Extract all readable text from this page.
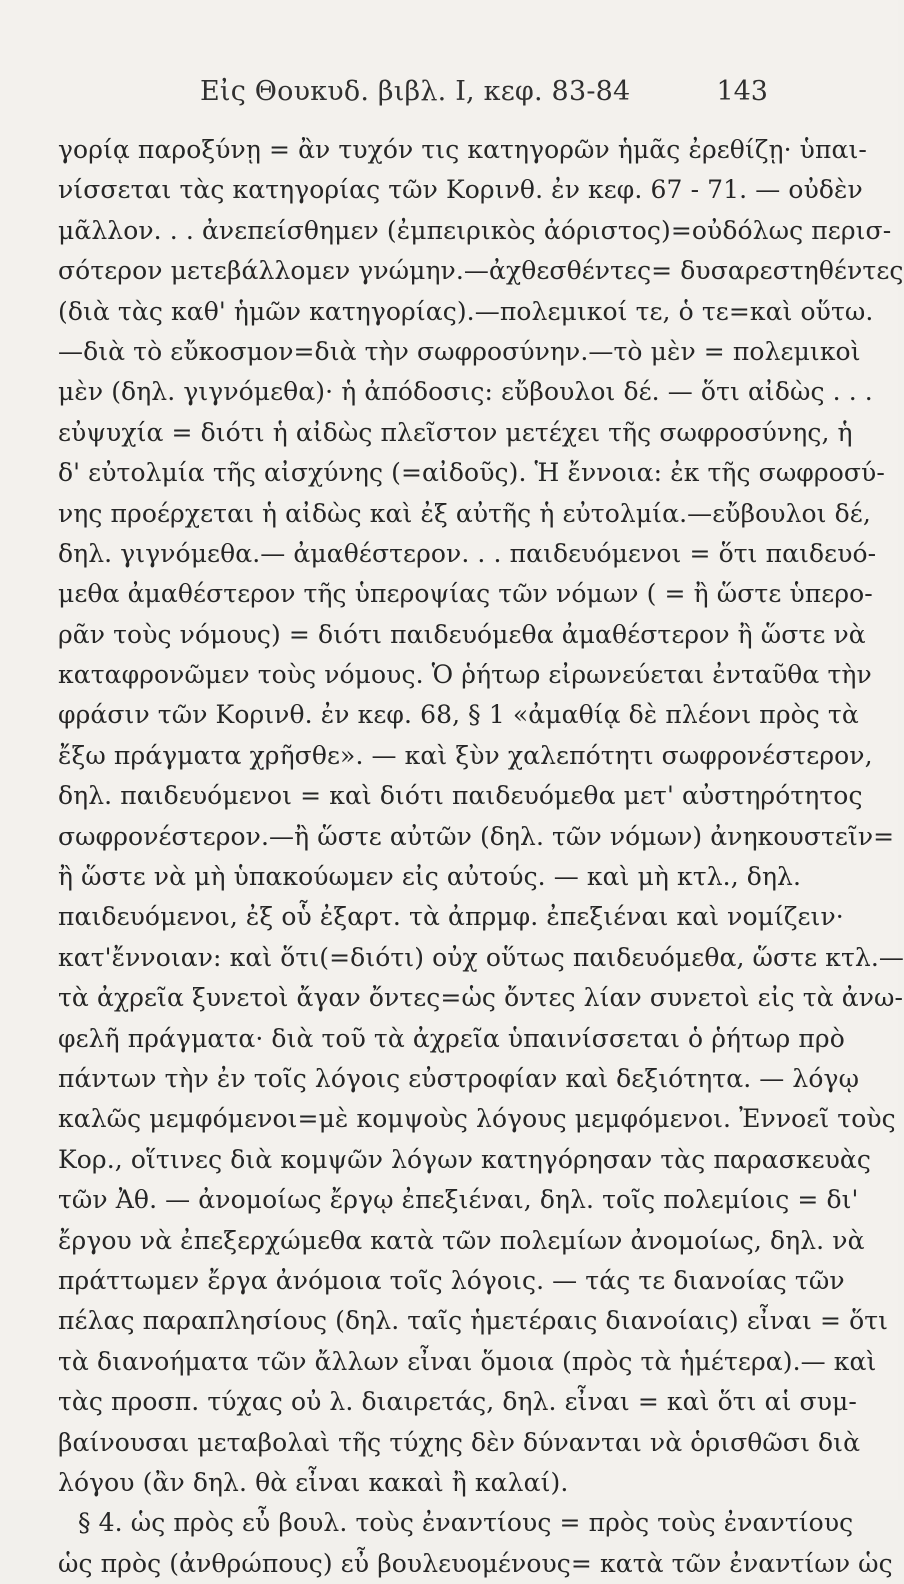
Εἰς Θουκυδ. βιβλ. I, κεφ. 83-84	143
γορίᾳ παροξύνῃ = ἂν τυχόν τις κατηγορῶν ἡμᾶς ἐρεθίζῃ· ὑπαι-
νίσσεται τὰς κατηγορίας τῶν Κορινθ. ἐν κεφ. 67 - 71. — οὐδὲν
μᾶλλον. . . ἀνεπείσθημεν (ἐμπειρικὸς ἀόριστος)=οὐδόλως περισ-
σότερον μετεβάλλομεν γνώμην.—ἀχθεσθέντες= δυσαρεστηθέντες
(διὰ τὰς καθ' ἡμῶν κατηγορίας).—πολεμικοί τε, ὁ τε=καὶ οὕτω.
—διὰ τὸ εὔκοσμον=διὰ τὴν σωφροσύνην.—τὸ μὲν = πολεμικοὶ
μὲν (δηλ. γιγνόμεθα)· ἡ ἀπόδοσις: εὔβουλοι δέ. — ὅτι αἰδὼς . . .
εὐψυχία = διότι ἡ αἰδὼς πλεῖστον μετέχει τῆς σωφροσύνης, ἡ
δ' εὐτολμία τῆς αἰσχύνης (=αἰδοῦς). Ἡ ἔννοια: ἐκ τῆς σωφροσύ-
νης προέρχεται ἡ αἰδὼς καὶ ἐξ αὐτῆς ἡ εὐτολμία.—εὔβουλοι δέ,
δηλ. γιγνόμεθα.— ἀμαθέστερον. . . παιδευόμενοι = ὅτι παιδευό-
μεθα ἀμαθέστερον τῆς ὑπεροψίας τῶν νόμων ( = ἢ ὥστε ὑπερο-
ρᾶν τοὺς νόμους) = διότι παιδευόμεθα ἀμαθέστερον ἢ ὥστε νὰ
καταφρονῶμεν τοὺς νόμους. Ὁ ῥήτωρ εἰρωνεύεται ἐνταῦθα τὴν
φράσιν τῶν Κορινθ. ἐν κεφ. 68, § 1 «ἀμαθίᾳ δὲ πλέονι πρὸς τὰ
ἔξω πράγματα χρῆσθε». — καὶ ξὺν χαλεπότητι σωφρονέστερον,
δηλ. παιδευόμενοι = καὶ διότι παιδευόμεθα μετ' αὐστηρότητος
σωφρονέστερον.—ἢ ὥστε αὐτῶν (δηλ. τῶν νόμων) ἀνηκουστεῖν=
ἢ ὥστε νὰ μὴ ὑπακούωμεν εἰς αὐτούς. — καὶ μὴ κτλ., δηλ.
παιδευόμενοι, ἐξ οὗ ἐξαρτ. τὰ ἀπρμφ. ἐπεξιέναι καὶ νομίζειν·
κατ'ἔννοιαν: καὶ ὅτι(=διότι) οὐχ οὕτως παιδευόμεθα, ὥστε κτλ.—
τὰ ἀχρεῖα ξυνετοὶ ἄγαν ὄντες=ὡς ὄντες λίαν συνετοὶ εἰς τὰ ἀνω-
φελῆ πράγματα· διὰ τοῦ τὰ ἀχρεῖα ὑπαινίσσεται ὁ ῥήτωρ πρὸ
πάντων τὴν ἐν τοῖς λόγοις εὐστροφίαν καὶ δεξιότητα. — λόγῳ
καλῶς μεμφόμενοι=μὲ κομψοὺς λόγους μεμφόμενοι. Ἐννοεῖ τοὺς
Κορ., οἵτινες διὰ κομψῶν λόγων κατηγόρησαν τὰς παρασκευὰς
τῶν Ἀθ. — ἀνομοίως ἔργῳ ἐπεξιέναι, δηλ. τοῖς πολεμίοις = δι'
ἔργου νὰ ἐπεξερχώμεθα κατὰ τῶν πολεμίων ἀνομοίως, δηλ. νὰ
πράττωμεν ἔργα ἀνόμοια τοῖς λόγοις. — τάς τε διανοίας τῶν
πέλας παραπλησίους (δηλ. ταῖς ἡμετέραις διανοίαις) εἶναι = ὅτι
τὰ διανοήματα τῶν ἄλλων εἶναι ὅμοια (πρὸς τὰ ἡμέτερα).— καὶ
τὰς προσπ. τύχας οὐ λ. διαιρετάς, δηλ. εἶναι = καὶ ὅτι αἱ συμ-
βαίνουσαι μεταβολαὶ τῆς τύχης δὲν δύνανται νὰ ὁρισθῶσι διὰ
λόγου (ἂν δηλ. θὰ εἶναι κακαὶ ἢ καλαί).
§ 4. ὡς πρὸς εὖ βουλ. τοὺς ἐναντίους = πρὸς τοὺς ἐναντίους
ὡς πρὸς (ἀνθρώπους) εὖ βουλευομένους= κατὰ τῶν ἐναντίων ὡς
